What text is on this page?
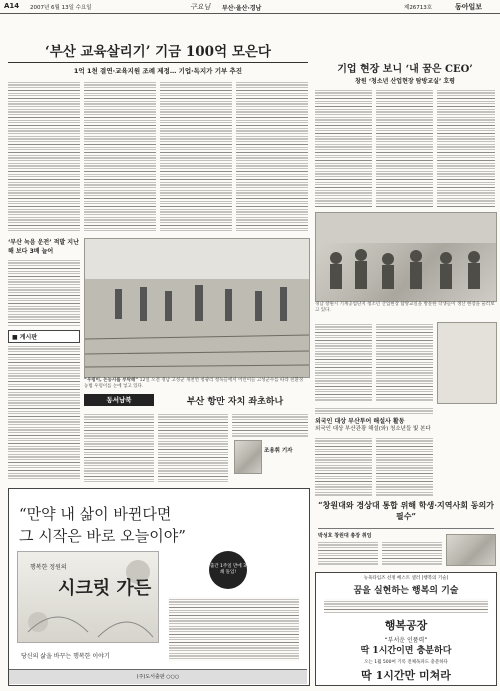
A14 2007년 6월 13일 수요일	구요님 부산·울산·경남	제26713호	동아일보
‘부산 교육살리기’ 기금 100억 모은다
1억 1천 결연·교육지원 조례 제정… 기업·독지가 기부 추진
‘부산 녹음 운전’ 적발 지난해 보다 3배 늘어
“우렁이, 논농사를 부탁해” 12일 오전 경남 고성군 개천면 청광리 청녹들에서 어린이들 고성군수를 따라 친환경 농법 우렁이를 논에 넣고 있다.
기업 현장 보니 ‘내 꿈은 CEO’
창원 ‘청소년 산업현장 탐방교실’ 호평
경남 창원시 기계공업단지 청소년 산업현장 탐방교실을 방문한 학생들이 생산 현장을 둘러보고 있다.
외국인 대상 부산투어 해설사 활동
외국인 대상 부산관광 해설(와) 청소년들 빛 본다
■ 게시판
동서남북	부산 항만 자치 좌초하나
조용휘 기자
“창원대와 경상대 통합 위해 학생·지역사회 동의가 필수”
박성호 창원대 총장 취임
“만약 내 삶이 바뀐다면
그 시작은 바로 오늘이야”
출간 1주일 만에 3쇄 돌입!
행복한 정원의
시크릿 가든
당신의 삶을 바꾸는 행복한 이야기
(주)도서출판 ○○○
뉴욕타임즈 선정 베스트 셀러 [행복의 기술]
꿈을 실현하는 행복의 기술
행복공장
“부서운 인품력”
딱 1시간이면 충분하다
오는 1월 500여 기록 전체독파도 충분하다
딱 1시간만 미쳐라
